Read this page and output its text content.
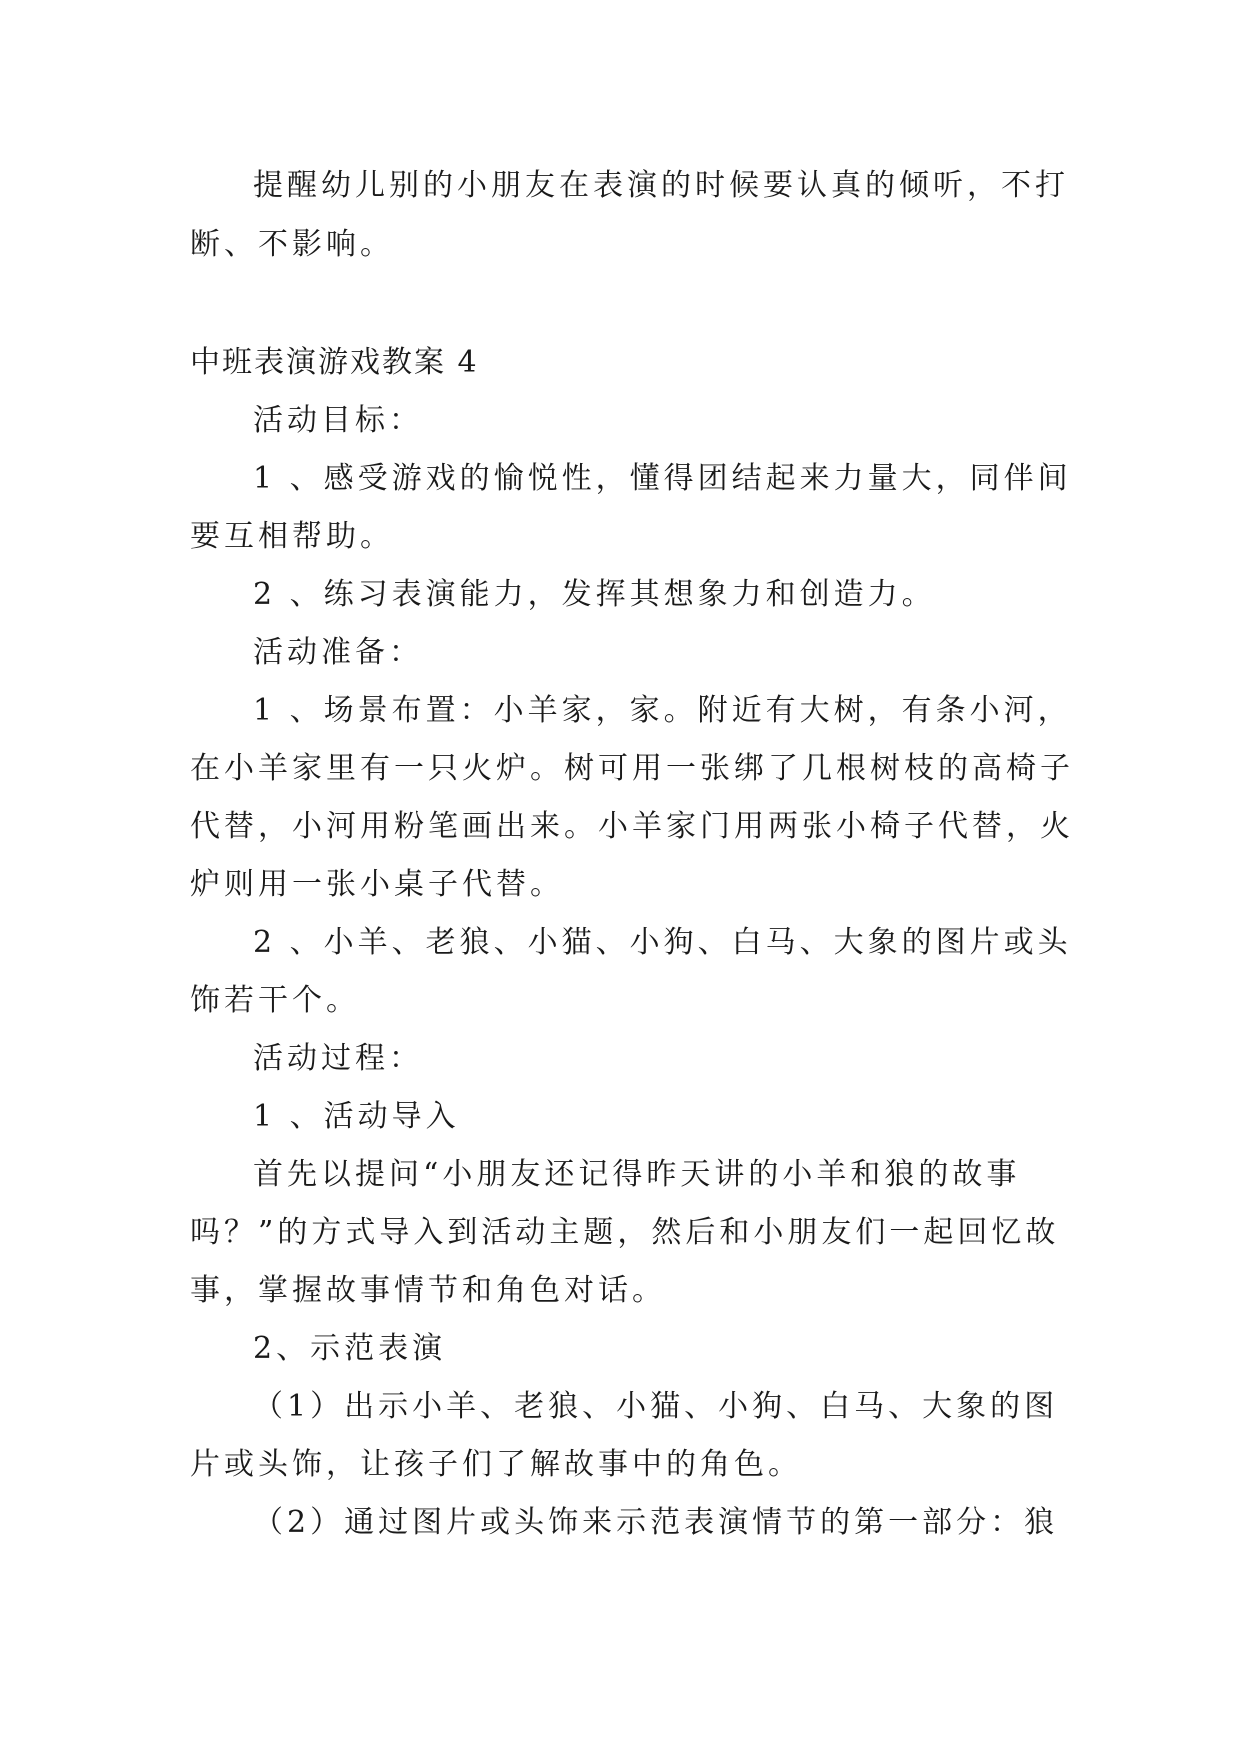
提醒幼儿别的小朋友在表演的时候要认真的倾听，不打

断、不影响。

中班表演游戏教案 4

活动目标：

1 、感受游戏的愉悦性，懂得团结起来力量大，同伴间

要互相帮助。

2 、练习表演能力，发挥其想象力和创造力。

活动准备：

1 、场景布置：小羊家，家。附近有大树，有条小河，

在小羊家里有一只火炉。树可用一张绑了几根树枝的高椅子

代替，小河用粉笔画出来。小羊家门用两张小椅子代替，火

炉则用一张小桌子代替。

2 、小羊、老狼、小猫、小狗、白马、大象的图片或头

饰若干个。

活动过程：

1 、活动导入

首先以提问“小朋友还记得昨天讲的小羊和狼的故事

吗？”的方式导入到活动主题，然后和小朋友们一起回忆故

事，掌握故事情节和角色对话。

2、示范表演

（1）出示小羊、老狼、小猫、小狗、白马、大象的图

片或头饰，让孩子们了解故事中的角色。

（2）通过图片或头饰来示范表演情节的第一部分：狼
